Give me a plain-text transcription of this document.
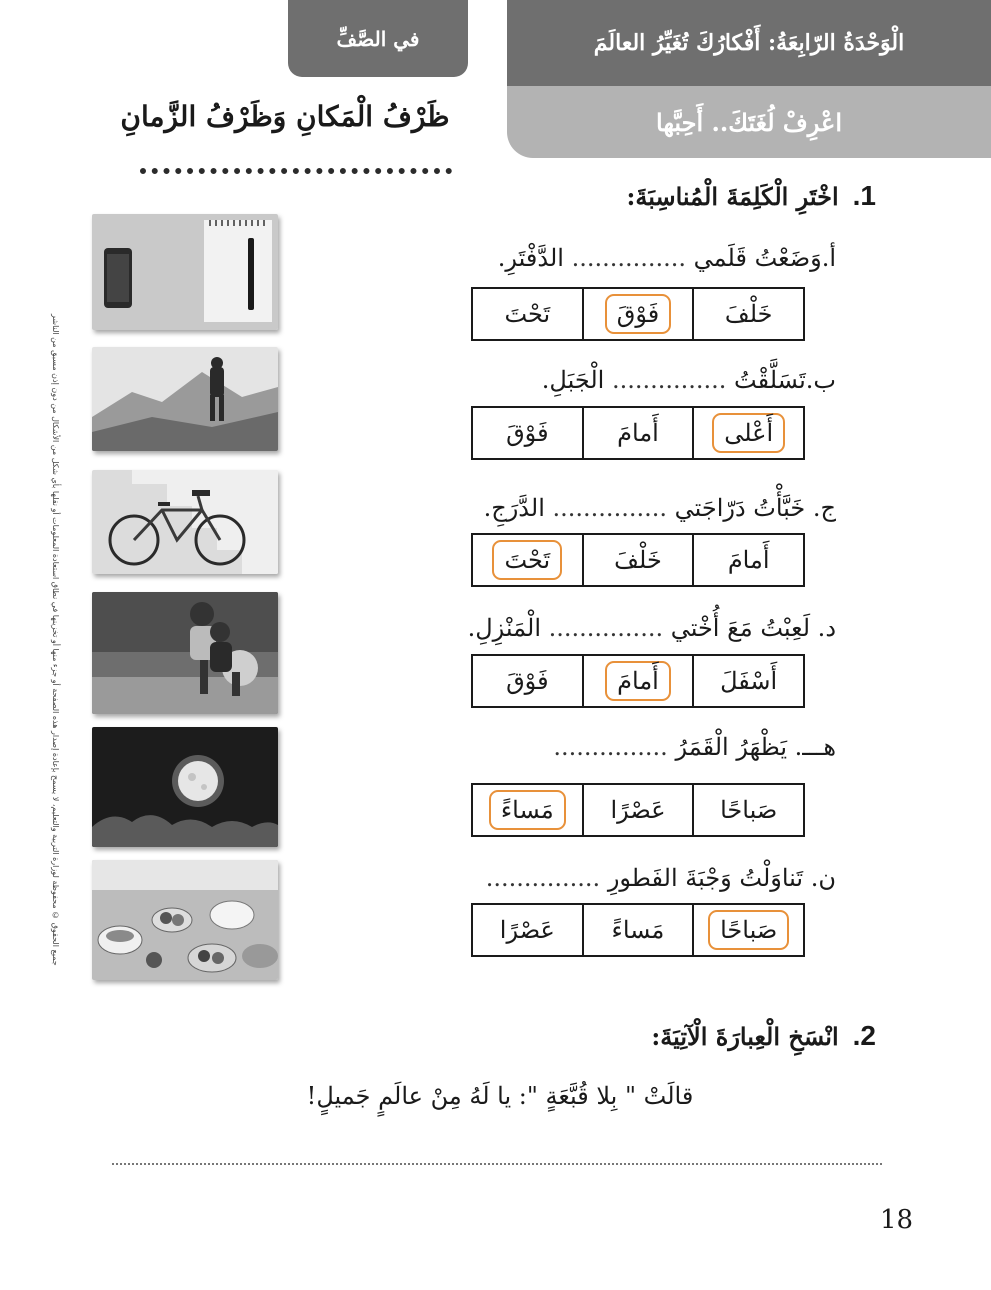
في الصَّفِّ	الْوَحْدَةُ الرّابِعَةُ: أَفْكارُكَ تُغَيِّرُ العالَمَ
اعْرِفْ لُغَتَكَ.. أَحِبَّها
ظَرْفُ الْمَكانِ وَظَرْفُ الزَّمانِ
جميع الحقوق © محفوظة لوزارة التربية والتعليم، لا يسمح بإعادة إصدار هذه الصفحة أو جزء منها أو تخزينها في نطاق استعادة المعلومات أو نقلها بأي شكل من الأشكال من دون إذن مسبق من الناشر
1.
اخْتَرِ الْكَلِمَةَ الْمُناسِبَةَ:
أ.وَضَعْتُ قَلَمي ............... الدَّفْتَرِ.
خَلْفَ
فَوْقَ
تَحْتَ
ب.تَسَلَّقْتُ ............... الْجَبَلِ.
أَعْلى
أَمامَ
فَوْقَ
ج. خَبَّأْتُ دَرّاجَتي ............... الدَّرَجِ.
أَمامَ
خَلْفَ
تَحْتَ
د. لَعِبْتُ مَعَ أُخْتي ............... الْمَنْزِلِ.
أَسْفَلَ
أَمامَ
فَوْقَ
هـــ. يَظْهَرُ الْقَمَرُ ...............
صَباحًا
عَصْرًا
مَساءً
ن. تَناوَلْتُ وَجْبَةَ الفَطورِ ...............
صَباحًا
مَساءً
عَصْرًا
2.
انْسَخِ الْعِبارَةَ الْآتِيَةَ:
قالَتْ " بِلا قُبَّعَةٍ ": يا لَهُ مِنْ عالَمٍ جَميلٍ!
18
